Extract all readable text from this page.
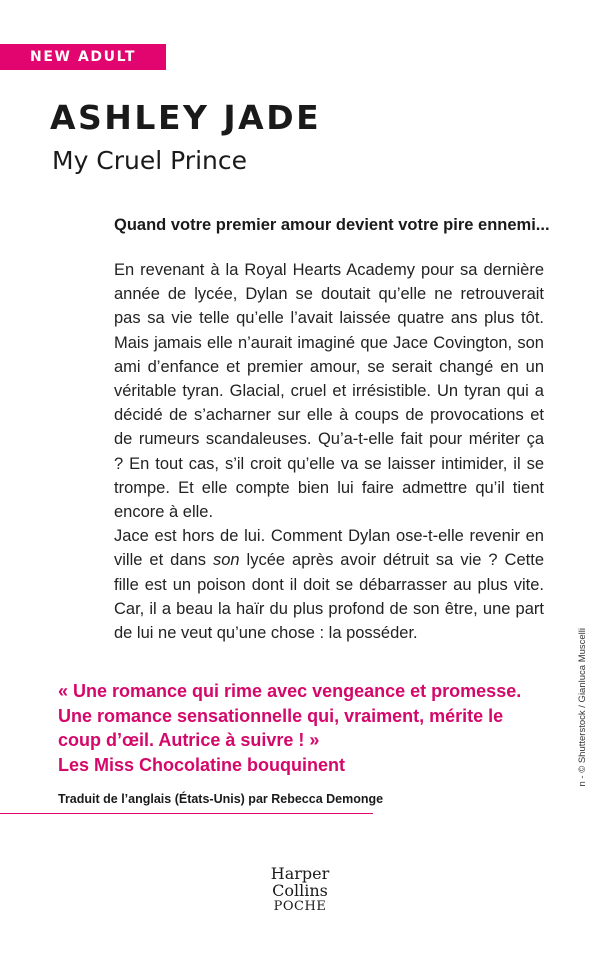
NEW ADULT
ASHLEY JADE
My Cruel Prince
Quand votre premier amour devient votre pire ennemi...

En revenant à la Royal Hearts Academy pour sa dernière année de lycée, Dylan se doutait qu’elle ne retrouverait pas sa vie telle qu’elle l’avait laissée quatre ans plus tôt. Mais jamais elle n’aurait imaginé que Jace Covington, son ami d’enfance et premier amour, se serait changé en un véritable tyran. Glacial, cruel et irrésistible. Un tyran qui a décidé de s’acharner sur elle à coups de provocations et de rumeurs scandaleuses. Qu’a-t-elle fait pour mériter ça ? En tout cas, s’il croit qu’elle va se laisser intimider, il se trompe. Et elle compte bien lui faire admettre qu’il tient encore à elle.

Jace est hors de lui. Comment Dylan ose-t-elle revenir en ville et dans son lycée après avoir détruit sa vie ? Cette fille est un poison dont il doit se débarrasser au plus vite. Car, il a beau la haïr du plus profond de son être, une part de lui ne veut qu’une chose : la posséder.

« Une romance qui rime avec vengeance et promesse.
Une romance sensationnelle qui, vraiment, mérite le
coup d’œil. Autrice à suivre ! »
Les Miss Chocolatine bouquinent
Traduit de l’anglais (États-Unis) par Rebecca Demonge
Harper
Collins
POCHE
n - © Shutterstock / Gianluca Muscelli
